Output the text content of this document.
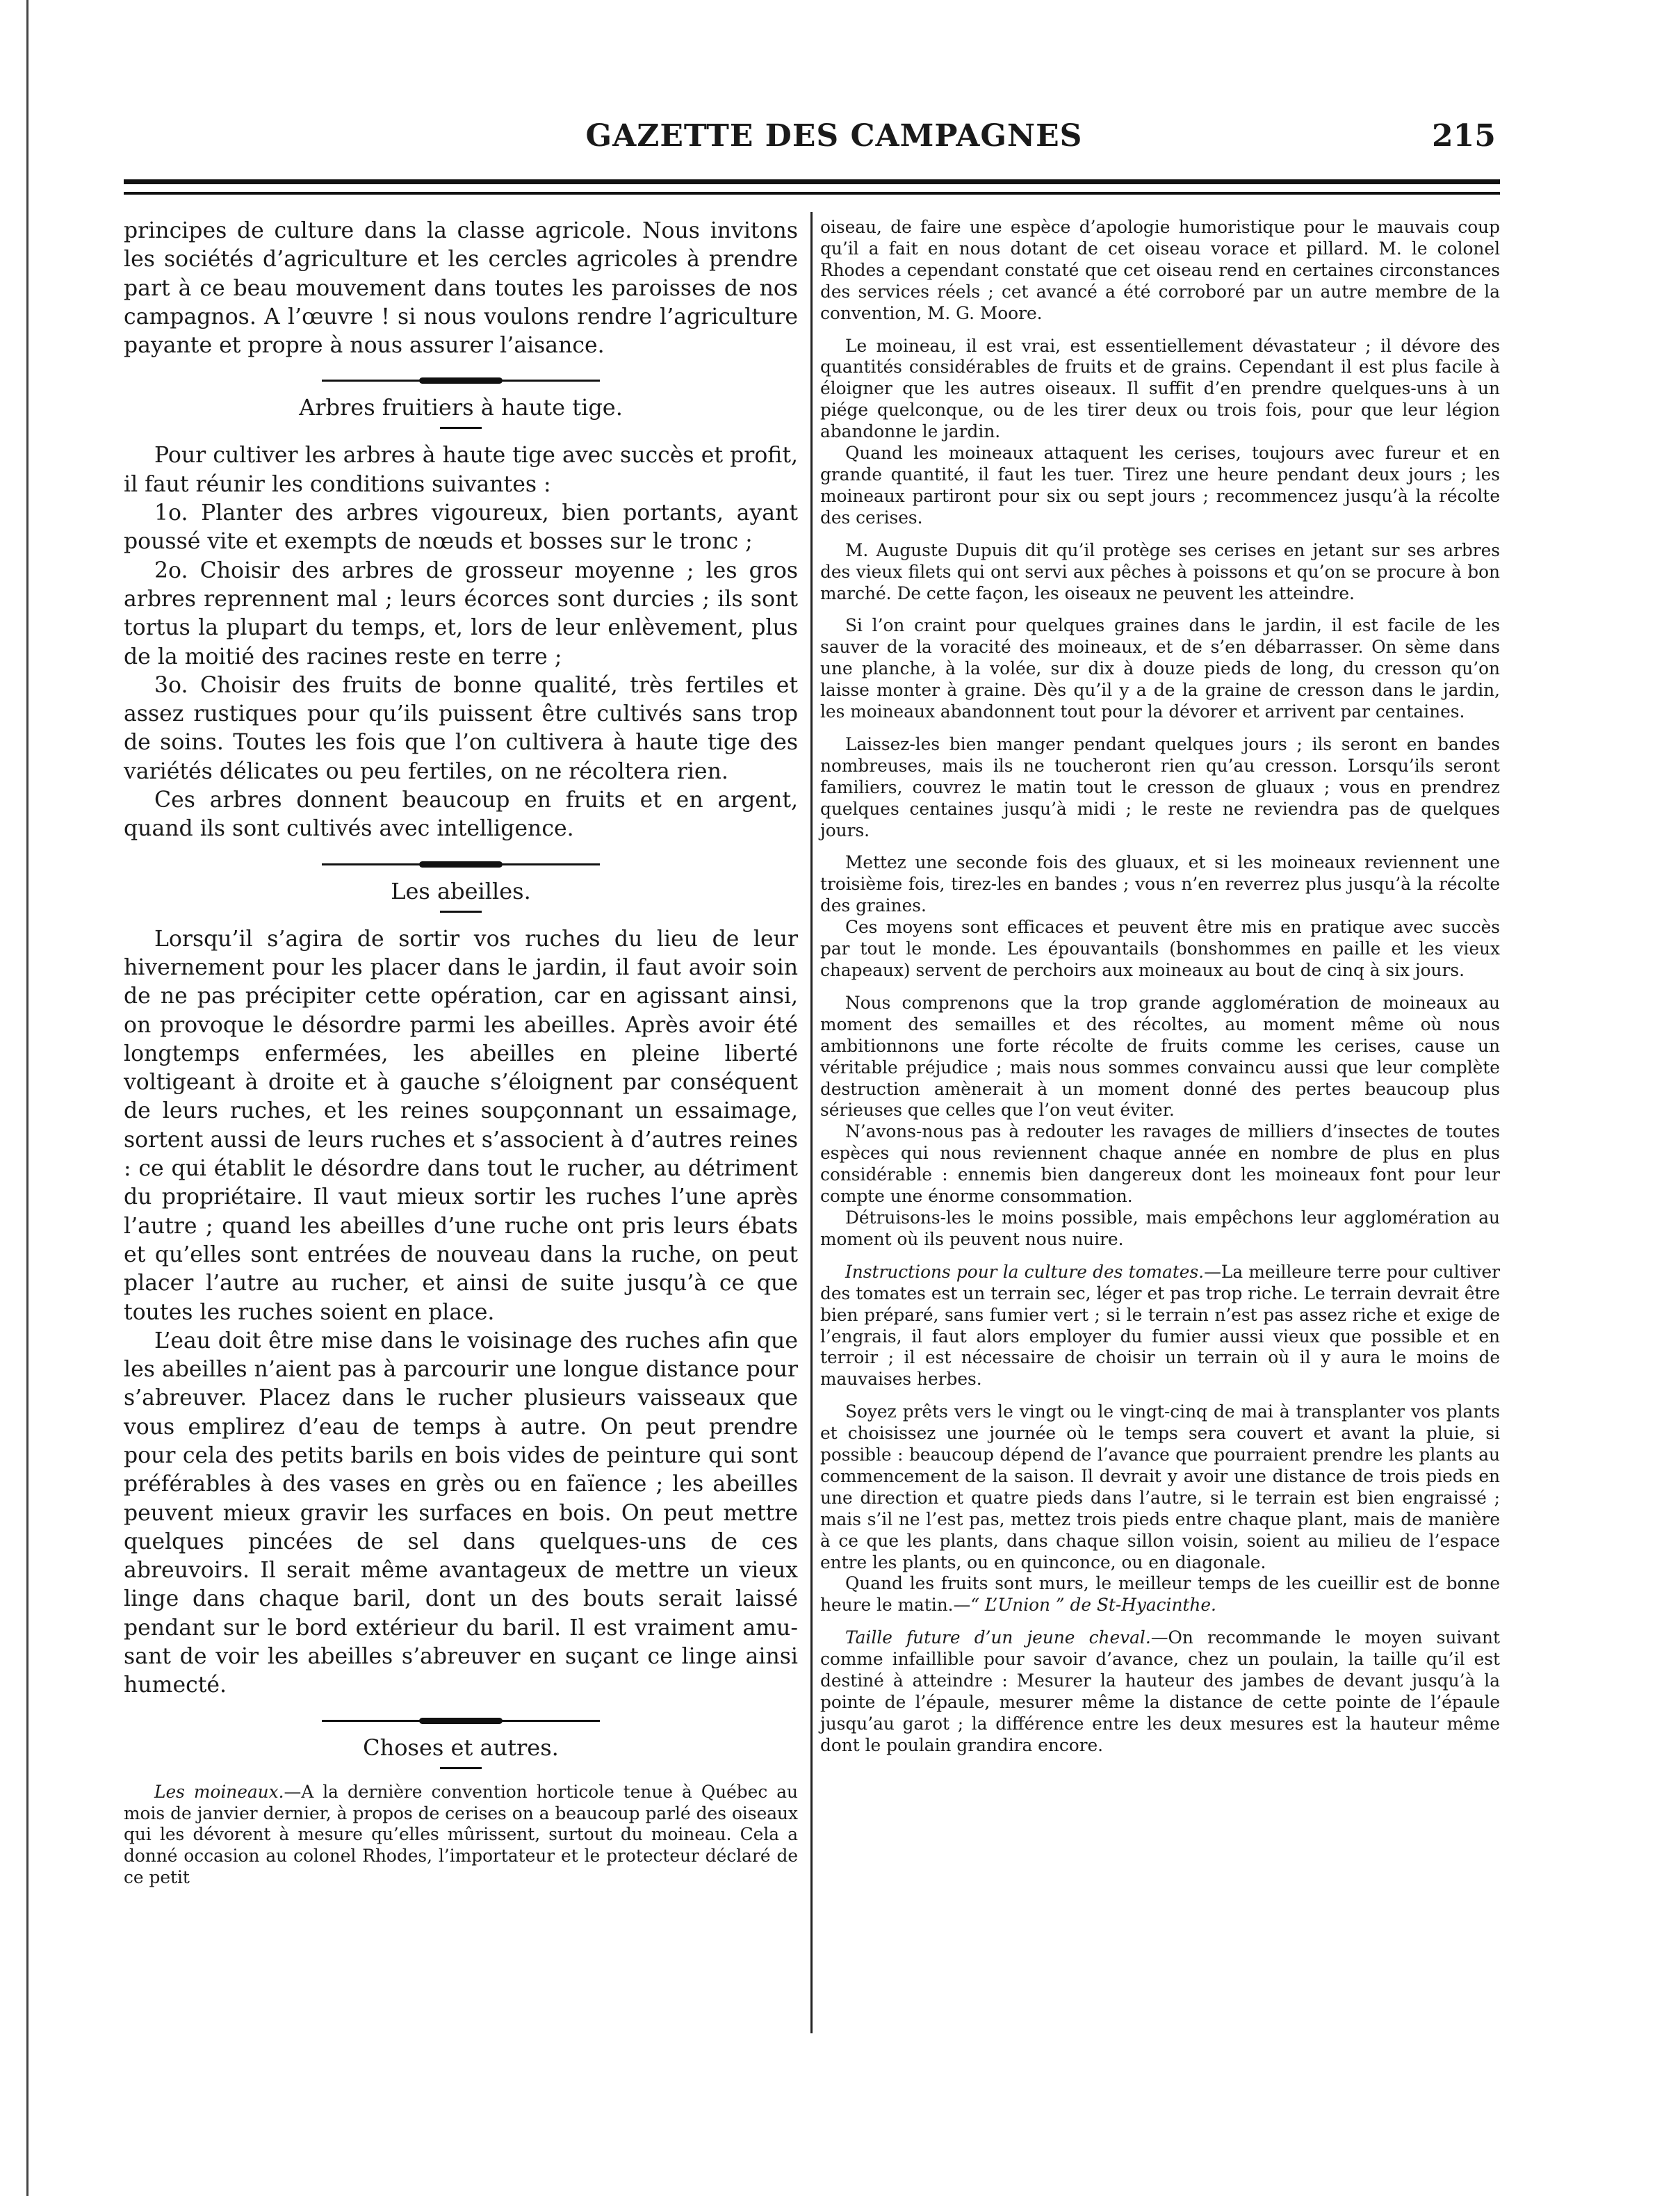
GAZETTE DES CAMPAGNES	215

principes de culture dans la classe agricole. Nous invitons les sociétés d’agriculture et les cercles agricoles à prendre part à ce beau mouvement dans toutes les paroisses de nos campagnos. A l’œuvre ! si nous voulons rendre l’agriculture payante et propre à nous assurer l’aisance.

Arbres fruitiers à haute tige.

Pour cultiver les arbres à haute tige avec succès et profit, il faut réunir les conditions suivantes :

1o. Planter des arbres vigoureux, bien portants, ayant poussé vite et exempts de nœuds et bosses sur le tronc ;

2o. Choisir des arbres de grosseur moyenne ; les gros arbres reprennent mal ; leurs écorces sont durcies ; ils sont tortus la plupart du temps, et, lors de leur enlèvement, plus de la moitié des racines reste en terre ;

3o. Choisir des fruits de bonne qualité, très fertiles et assez rustiques pour qu’ils puissent être cultivés sans trop de soins. Toutes les fois que l’on cultivera à haute tige des variétés délicates ou peu fertiles, on ne récoltera rien.

Ces arbres donnent beaucoup en fruits et en argent, quand ils sont cultivés avec intelligence.

Les abeilles.

Lorsqu’il s’agira de sortir vos ruches du lieu de leur hivernement pour les placer dans le jardin, il faut avoir soin de ne pas précipiter cette opération, car en agissant ainsi, on provoque le désordre parmi les abeilles. Après avoir été longtemps enfermées, les abeilles en pleine liberté voltigeant à droite et à gauche s’éloignent par conséquent de leurs ruches, et les reines soupçonnant un essaimage, sortent aussi de leurs ruches et s’associent à d’autres reines : ce qui établit le désordre dans tout le rucher, au détriment du propriétaire. Il vaut mieux sortir les ruches l’une après l’autre ; quand les abeilles d’une ruche ont pris leurs ébats et qu’elles sont entrées de nouveau dans la ruche, on peut placer l’autre au rucher, et ainsi de suite jusqu’à ce que toutes les ruches soient en place.

L’eau doit être mise dans le voisinage des ruches afin que les abeilles n’aient pas à parcourir une longue distance pour s’abreuver. Placez dans le rucher plusieurs vaisseaux que vous emplirez d’eau de temps à autre. On peut prendre pour cela des petits barils en bois vides de peinture qui sont préférables à des vases en grès ou en faïence ; les abeilles peuvent mieux gravir les surfaces en bois. On peut mettre quelques pincées de sel dans quelques-uns de ces abreuvoirs. Il serait même avantageux de mettre un vieux linge dans chaque baril, dont un des bouts serait laissé pendant sur le bord extérieur du baril. Il est vraiment amusant de voir les abeilles s’abreuver en suçant ce linge ainsi humecté.

Choses et autres.

Les moineaux.—A la dernière convention horticole tenue à Québec au mois de janvier dernier, à propos de cerises on a beaucoup parlé des oiseaux qui les dévorent à mesure qu’elles mûrissent, surtout du moineau. Cela a donné occasion au colonel Rhodes, l’importateur et le protecteur déclaré de ce petit

oiseau, de faire une espèce d’apologie humoristique pour le mauvais coup qu’il a fait en nous dotant de cet oiseau vorace et pillard. M. le colonel Rhodes a cependant constaté que cet oiseau rend en certaines circonstances des services réels ; cet avancé a été corroboré par un autre membre de la convention, M. G. Moore.

Le moineau, il est vrai, est essentiellement dévastateur ; il dévore des quantités considérables de fruits et de grains. Cependant il est plus facile à éloigner que les autres oiseaux. Il suffit d’en prendre quelques-uns à un piége quelconque, ou de les tirer deux ou trois fois, pour que leur légion abandonne le jardin.

Quand les moineaux attaquent les cerises, toujours avec fureur et en grande quantité, il faut les tuer. Tirez une heure pendant deux jours ; les moineaux partiront pour six ou sept jours ; recommencez jusqu’à la récolte des cerises.

M. Auguste Dupuis dit qu’il protège ses cerises en jetant sur ses arbres des vieux filets qui ont servi aux pêches à poissons et qu’on se procure à bon marché. De cette façon, les oiseaux ne peuvent les atteindre.

Si l’on craint pour quelques graines dans le jardin, il est facile de les sauver de la voracité des moineaux, et de s’en débarrasser. On sème dans une planche, à la volée, sur dix à douze pieds de long, du cresson qu’on laisse monter à graine. Dès qu’il y a de la graine de cresson dans le jardin, les moineaux abandonnent tout pour la dévorer et arrivent par centaines.

Laissez-les bien manger pendant quelques jours ; ils seront en bandes nombreuses, mais ils ne toucheront rien qu’au cresson. Lorsqu’ils seront familiers, couvrez le matin tout le cresson de gluaux ; vous en prendrez quelques centaines jusqu’à midi ; le reste ne reviendra pas de quelques jours.

Mettez une seconde fois des gluaux, et si les moineaux reviennent une troisième fois, tirez-les en bandes ; vous n’en reverrez plus jusqu’à la récolte des graines.

Ces moyens sont efficaces et peuvent être mis en pratique avec succès par tout le monde. Les épouvantails (bonshommes en paille et les vieux chapeaux) servent de perchoirs aux moineaux au bout de cinq à six jours.

Nous comprenons que la trop grande agglomération de moineaux au moment des semailles et des récoltes, au moment même où nous ambitionnons une forte récolte de fruits comme les cerises, cause un véritable préjudice ; mais nous sommes convaincu aussi que leur complète destruction amènerait à un moment donné des pertes beaucoup plus sérieuses que celles que l’on veut éviter.

N’avons-nous pas à redouter les ravages de milliers d’insectes de toutes espèces qui nous reviennent chaque année en nombre de plus en plus considérable : ennemis bien dangereux dont les moineaux font pour leur compte une énorme consommation.

Détruisons-les le moins possible, mais empêchons leur agglomération au moment où ils peuvent nous nuire.

Instructions pour la culture des tomates.—La meilleure terre pour cultiver des tomates est un terrain sec, léger et pas trop riche. Le terrain devrait être bien préparé, sans fumier vert ; si le terrain n’est pas assez riche et exige de l’engrais, il faut alors employer du fumier aussi vieux que possible et en terroir ; il est nécessaire de choisir un terrain où il y aura le moins de mauvaises herbes.

Soyez prêts vers le vingt ou le vingt-cinq de mai à transplanter vos plants et choisissez une journée où le temps sera couvert et avant la pluie, si possible : beaucoup dépend de l’avance que pourraient prendre les plants au commencement de la saison. Il devrait y avoir une distance de trois pieds en une direction et quatre pieds dans l’autre, si le terrain est bien engraissé ; mais s’il ne l’est pas, mettez trois pieds entre chaque plant, mais de manière à ce que les plants, dans chaque sillon voisin, soient au milieu de l’espace entre les plants, ou en quinconce, ou en diagonale.

Quand les fruits sont murs, le meilleur temps de les cueillir est de bonne heure le matin.—“ L’Union ” de St-Hyacinthe.

Taille future d’un jeune cheval.—On recommande le moyen suivant comme infaillible pour savoir d’avance, chez un poulain, la taille qu’il est destiné à atteindre : Mesurer la hauteur des jambes de devant jusqu’à la pointe de l’épaule, mesurer même la distance de cette pointe de l’épaule jusqu’au garot ; la différence entre les deux mesures est la hauteur même dont le poulain grandira encore.
